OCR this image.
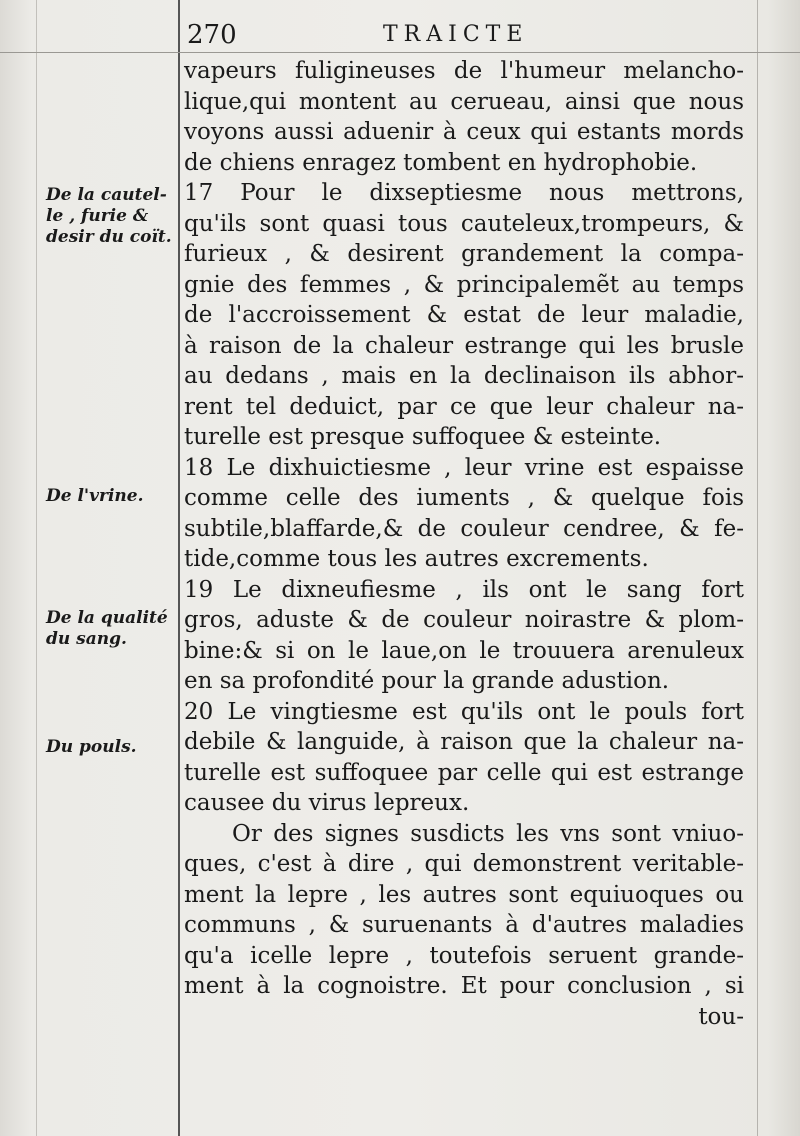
270	TRAICTE
De la cautel-
le , furie &
desir du coït.
De l'vrine.
De la qualité
du sang.
Du pouls.
vapeurs fuligineuses de l'humeur melancho-
lique,qui montent au cerueau, ainsi que nous
voyons aussi aduenir à ceux qui estants mords
de chiens enragez tombent en hydrophobie.
17 Pour le dixseptiesme nous mettrons,
qu'ils sont quasi tous cauteleux,trompeurs, &
furieux , & desirent grandement la compa-
gnie des femmes , & principalemẽt au temps
de l'accroissement & estat de leur maladie,
à raison de la chaleur estrange qui les brusle
au dedans , mais en la declinaison ils abhor-
rent tel deduict, par ce que leur chaleur na-
turelle est presque suffoquee & esteinte.
18 Le dixhuictiesme , leur vrine est espaisse
comme celle des iuments , & quelque fois
subtile,blaffarde,& de couleur cendree, & fe-
tide,comme tous les autres excrements.
19 Le dixneufiesme , ils ont le sang fort
gros, aduste & de couleur noirastre & plom-
bine:& si on le laue,on le trouuera arenuleux
en sa profondité pour la grande adustion.
20 Le vingtiesme est qu'ils ont le pouls fort
debile & languide, à raison que la chaleur na-
turelle est suffoquee par celle qui est estrange
causee du virus lepreux.
Or des signes susdicts les vns sont vniuo-
ques, c'est à dire , qui demonstrent veritable-
ment la lepre , les autres sont equiuoques ou
communs , & suruenants à d'autres maladies
qu'a icelle lepre , toutefois seruent grande-
ment à la cognoistre. Et pour conclusion , si
tou-
